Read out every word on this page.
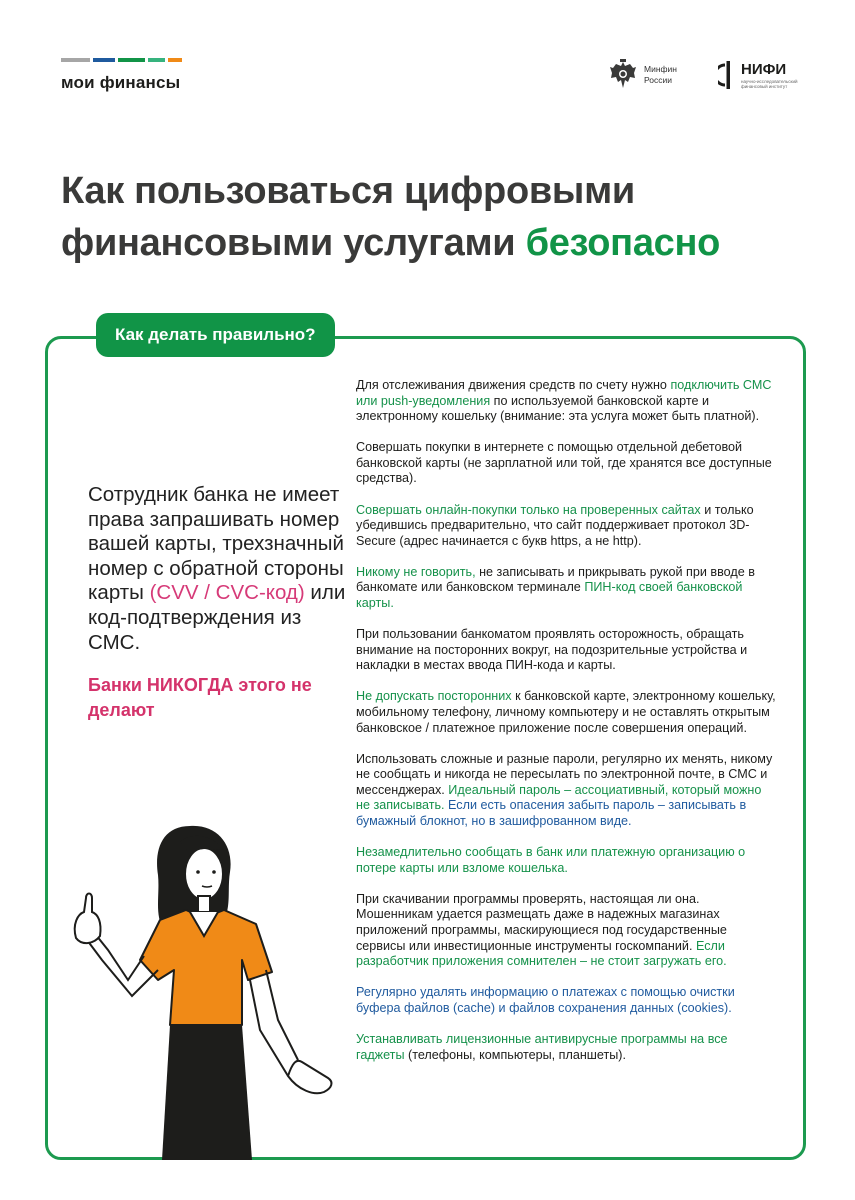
мои финансы
Минфин
России
НИФИ
научно-исследовательский финансовый институт
Как пользоваться цифровыми
финансовыми услугами безопасно
Как делать правильно?

Сотрудник банка не имеет права запрашивать номер вашей карты, трехзначный номер с обратной стороны карты (CVV / CVC-код) или код-подтверждения из СМС.

Банки НИКОГДА этого не делают

Для отслеживания движения средств по счету нужно подключить СМС или push-уведомления по используемой банковской карте и электронному кошельку (внимание: эта услуга может быть платной).

Совершать покупки в интернете с помощью отдельной дебетовой банковской карты (не зарплатной или той, где хранятся все доступные средства).

Совершать онлайн-покупки только на проверенных сайтах и только убедившись предварительно, что сайт поддерживает протокол 3D-Secure (адрес начинается с букв https, а не http).

Никому не говорить, не записывать и прикрывать рукой при вводе в банкомате или банковском терминале ПИН-код своей банковской карты.

При пользовании банкоматом проявлять осторожность, обращать внимание на посторонних вокруг, на подозрительные устройства и накладки в местах ввода ПИН-кода и карты.

Не допускать посторонних к банковской карте, электронному кошельку, мобильному телефону, личному компьютеру и не оставлять открытым банковское / платежное приложение после совершения операций.

Использовать сложные и разные пароли, регулярно их менять, никому не сообщать и никогда не пересылать по электронной почте, в СМС и мессенджерах. Идеальный пароль – ассоциативный, который можно не записывать. Если есть опасения забыть пароль – записывать в бумажный блокнот, но в зашифрованном виде.

Незамедлительно сообщать в банк или платежную организацию о потере карты или взломе кошелька.

При скачивании программы проверять, настоящая ли она. Мошенникам удается размещать даже в надежных магазинах приложений программы, маскирующиеся под государственные сервисы или инвестиционные инструменты госкомпаний. Если разработчик приложения сомнителен – не стоит загружать его.

Регулярно удалять информацию о платежах с помощью очистки буфера файлов (cache) и файлов сохранения данных (cookies).

Устанавливать лицензионные антивирусные программы на все гаджеты (телефоны, компьютеры, планшеты).
